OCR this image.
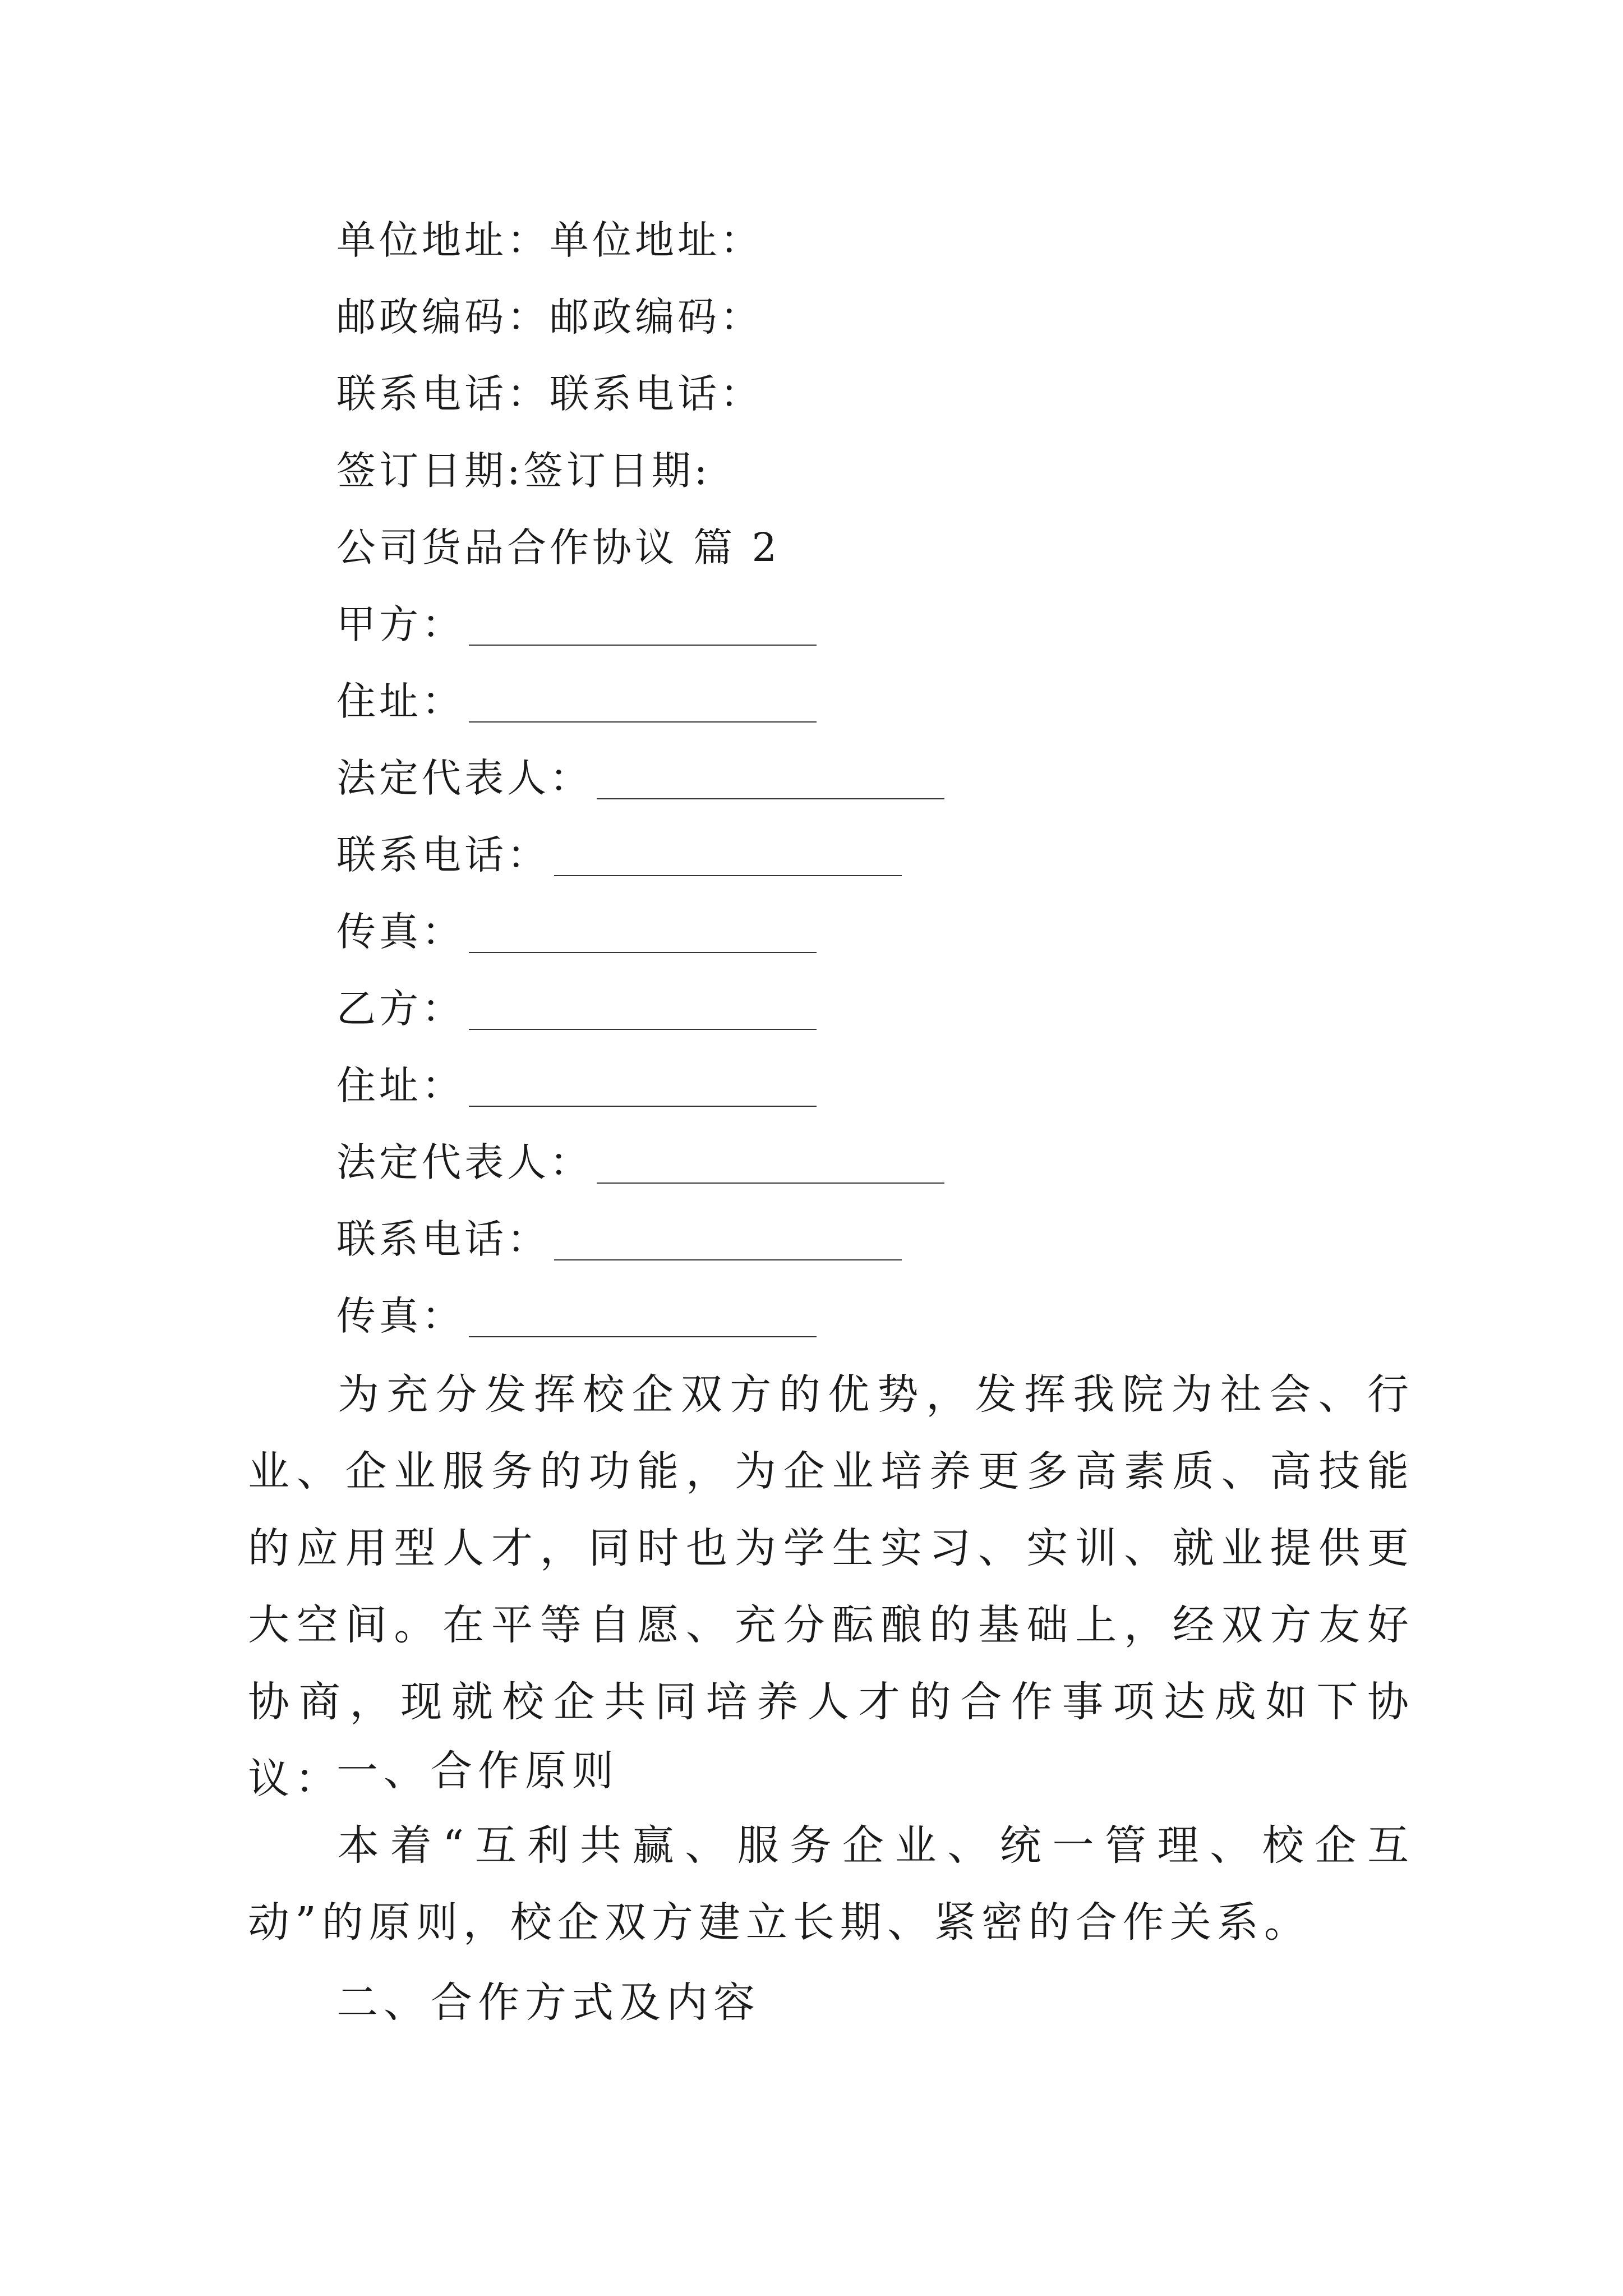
单位地址：单位地址：
邮政编码：邮政编码：
联系电话：联系电话：
签订日期:签订日期:
公司货品合作协议 篇 2
甲方：
住址：
法定代表人：
联系电话：
传真：
乙方：
住址：
法定代表人：
联系电话：
传真：
为充分发挥校企双方的优势，发挥我院为社会、行业、企业服务的功能，为企业培养更多高素质、高技能的应用型人才，同时也为学生实习、实训、就业提供更大空间。在平等自愿、充分酝酿的基础上，经双方友好协商，现就校企共同培养人才的合作事项达成如下协议：
一、合作原则
本着“互利共赢、服务企业、统一管理、校企互动”的原则，校企双方建立长期、紧密的合作关系。
二、合作方式及内容
